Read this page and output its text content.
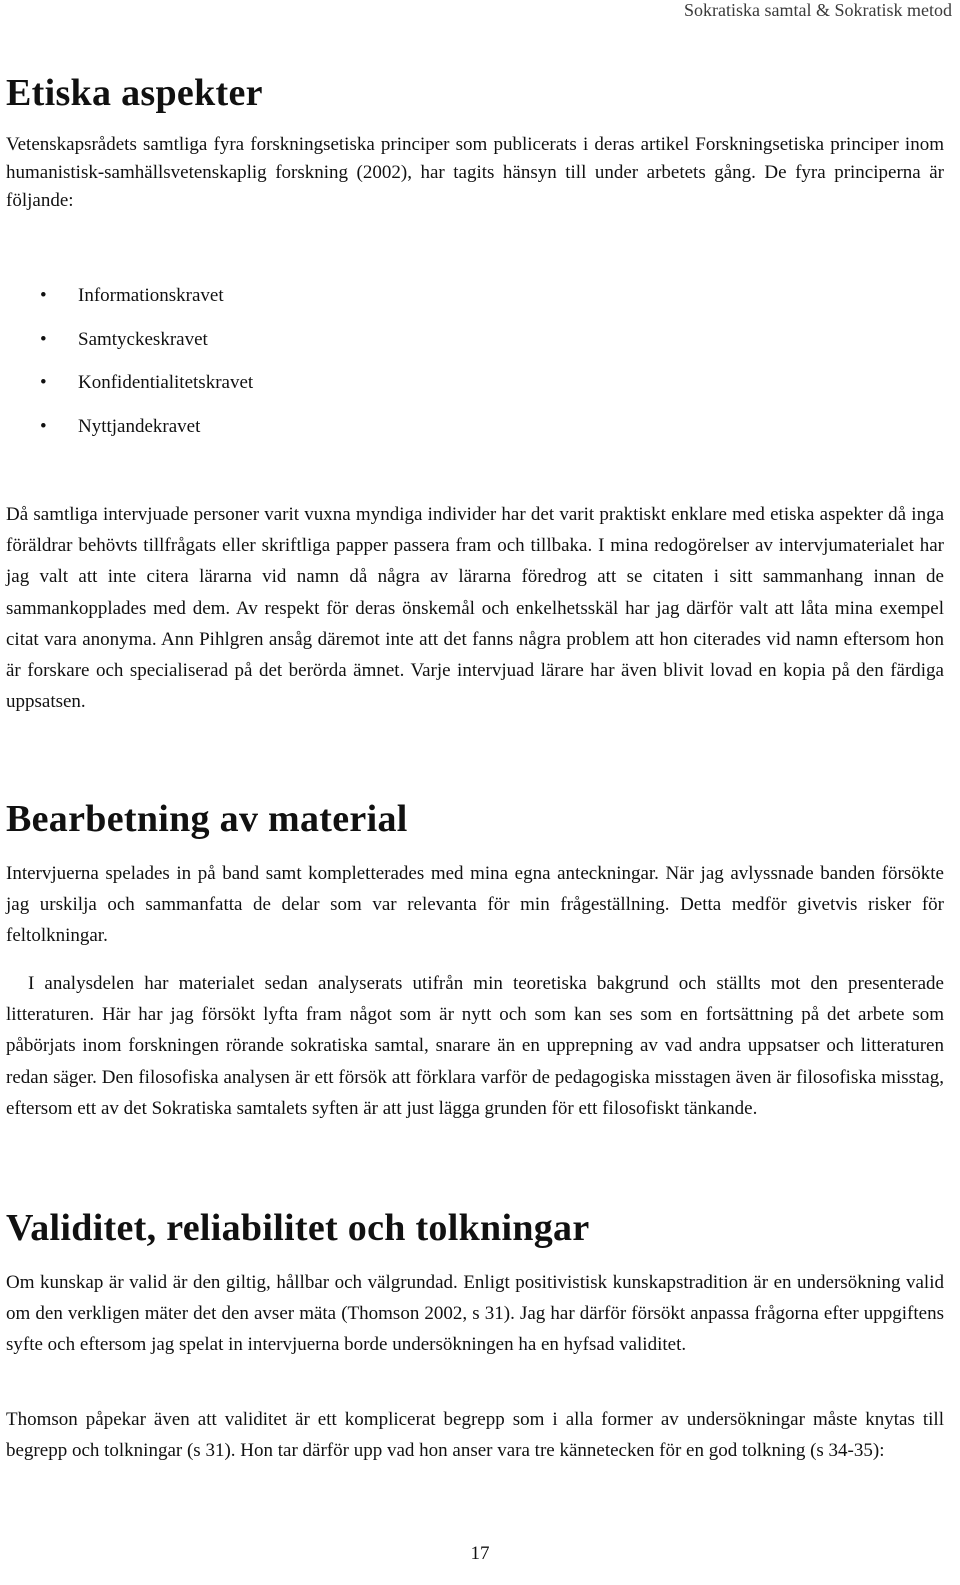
Sokratiska samtal & Sokratisk metod

Etiska aspekter

Vetenskapsrådets samtliga fyra forskningsetiska principer som publicerats i deras artikel Forskningsetiska principer inom humanistisk-samhällsvetenskaplig forskning (2002), har tagits hänsyn till under arbetets gång. De fyra principerna är följande:

•	Informationskravet
•	Samtyckeskravet
•	Konfidentialitetskravet
•	Nyttjandekravet

Då samtliga intervjuade personer varit vuxna myndiga individer har det varit praktiskt enklare med etiska aspekter då inga föräldrar behövts tillfrågats eller skriftliga papper passera fram och tillbaka. I mina redogörelser av intervjumaterialet har jag valt att inte citera lärarna vid namn då några av lärarna föredrog att se citaten i sitt sammanhang innan de sammankopplades med dem. Av respekt för deras önskemål och enkelhetsskäl har jag därför valt att låta mina exempel citat vara anonyma. Ann Pihlgren ansåg däremot inte att det fanns några problem att hon citerades vid namn eftersom hon är forskare och specialiserad på det berörda ämnet. Varje intervjuad lärare har även blivit lovad en kopia på den färdiga uppsatsen.

Bearbetning av material

Intervjuerna spelades in på band samt kompletterades med mina egna anteckningar. När jag avlyssnade banden försökte jag urskilja och sammanfatta de delar som var relevanta för min frågeställning. Detta medför givetvis risker för feltolkningar.

I analysdelen har materialet sedan analyserats utifrån min teoretiska bakgrund och ställts mot den presenterade litteraturen. Här har jag försökt lyfta fram något som är nytt och som kan ses som en fortsättning på det arbete som påbörjats inom forskningen rörande sokratiska samtal, snarare än en upprepning av vad andra uppsatser och litteraturen redan säger. Den filosofiska analysen är ett försök att förklara varför de pedagogiska misstagen även är filosofiska misstag, eftersom ett av det Sokratiska samtalets syften är att just lägga grunden för ett filosofiskt tänkande.

Validitet, reliabilitet och tolkningar

Om kunskap är valid är den giltig, hållbar och välgrundad. Enligt positivistisk kunskapstradition är en undersökning valid om den verkligen mäter det den avser mäta (Thomson 2002, s 31). Jag har därför försökt anpassa frågorna efter uppgiftens syfte och eftersom jag spelat in intervjuerna borde undersökningen ha en hyfsad validitet.

Thomson påpekar även att validitet är ett komplicerat begrepp som i alla former av undersökningar måste knytas till begrepp och tolkningar (s 31). Hon tar därför upp vad hon anser vara tre kännetecken för en god tolkning (s 34-35):

17
